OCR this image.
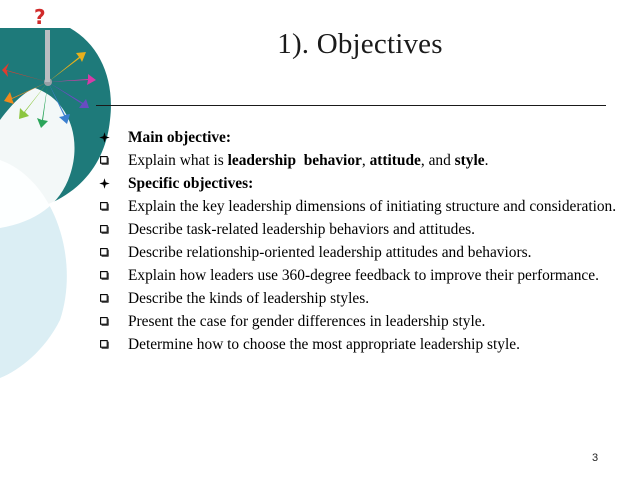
?
1). Objectives
Main objective:
Explain what is leadership  behavior, attitude, and style.
Specific objectives:
Explain the key leadership dimensions of initiating structure and consideration.
Describe task-related leadership behaviors and attitudes.
Describe relationship-oriented leadership attitudes and behaviors.
Explain how leaders use 360-degree feedback to improve their performance.
Describe the kinds of leadership styles.
Present the case for gender differences in leadership style.
Determine how to choose the most appropriate leadership style.
3
